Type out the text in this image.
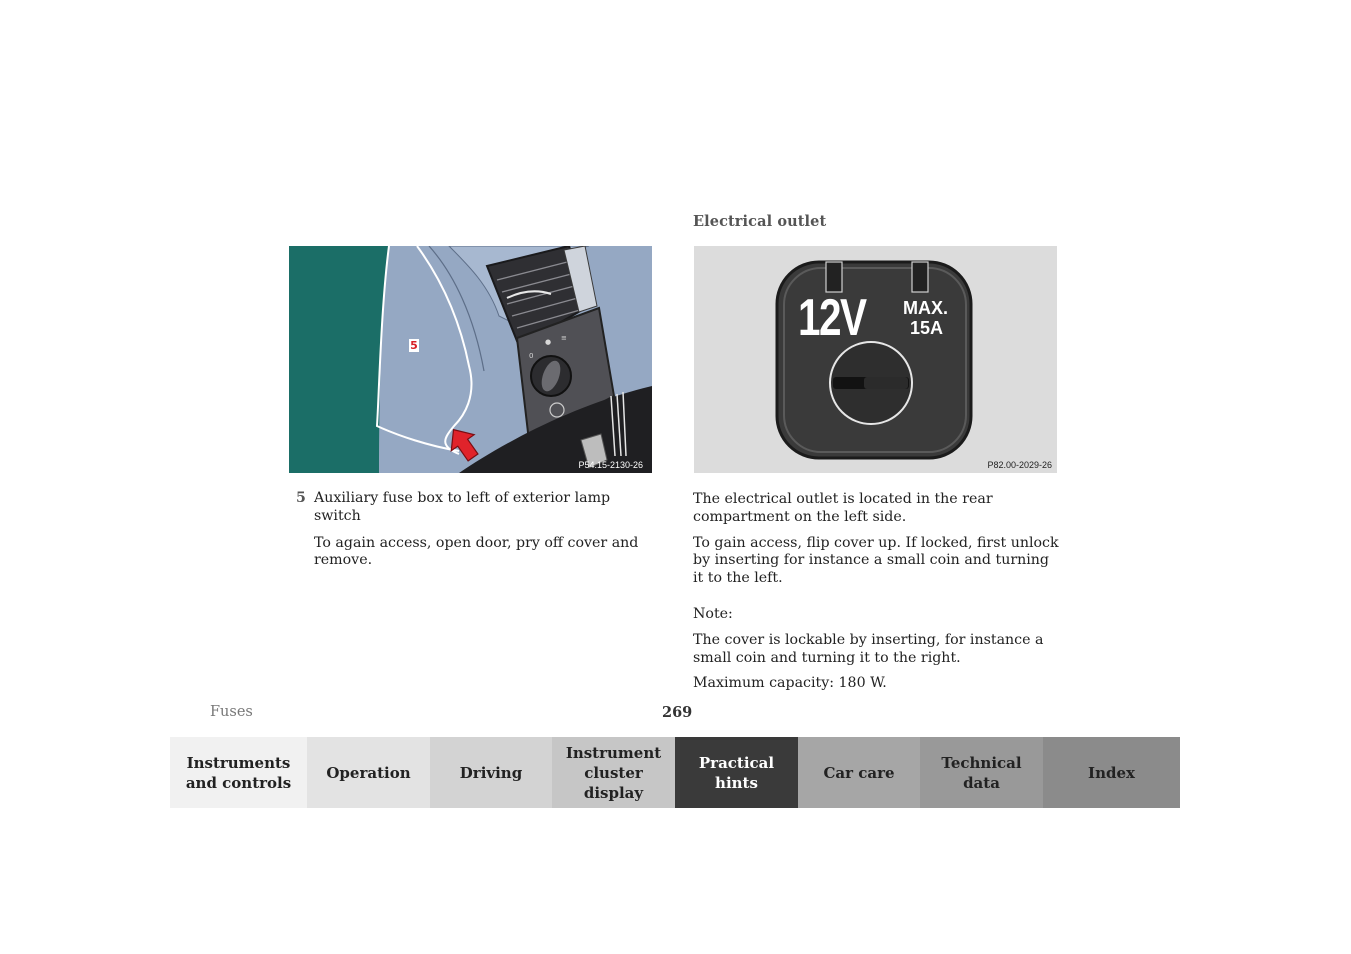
Electrical outlet
0
● ≡
5
P54.15-2130-26
12V MAX.
15A
P82.00-2029-26
5 Auxiliary fuse box to left of exterior lamp switch

To again access, open door, pry off cover and remove.

The electrical outlet is located in the rear compartment on the left side.

To gain access, flip cover up. If locked, first unlock by inserting for instance a small coin and turning it to the left.

Note:

The cover is lockable by inserting, for instance a small coin and turning it to the right.

Maximum capacity: 180 W.

Fuses	269
Instruments
and controls
Operation	Driving
Instrument
cluster display
Practical hints
Car care
Technical
data
Index
